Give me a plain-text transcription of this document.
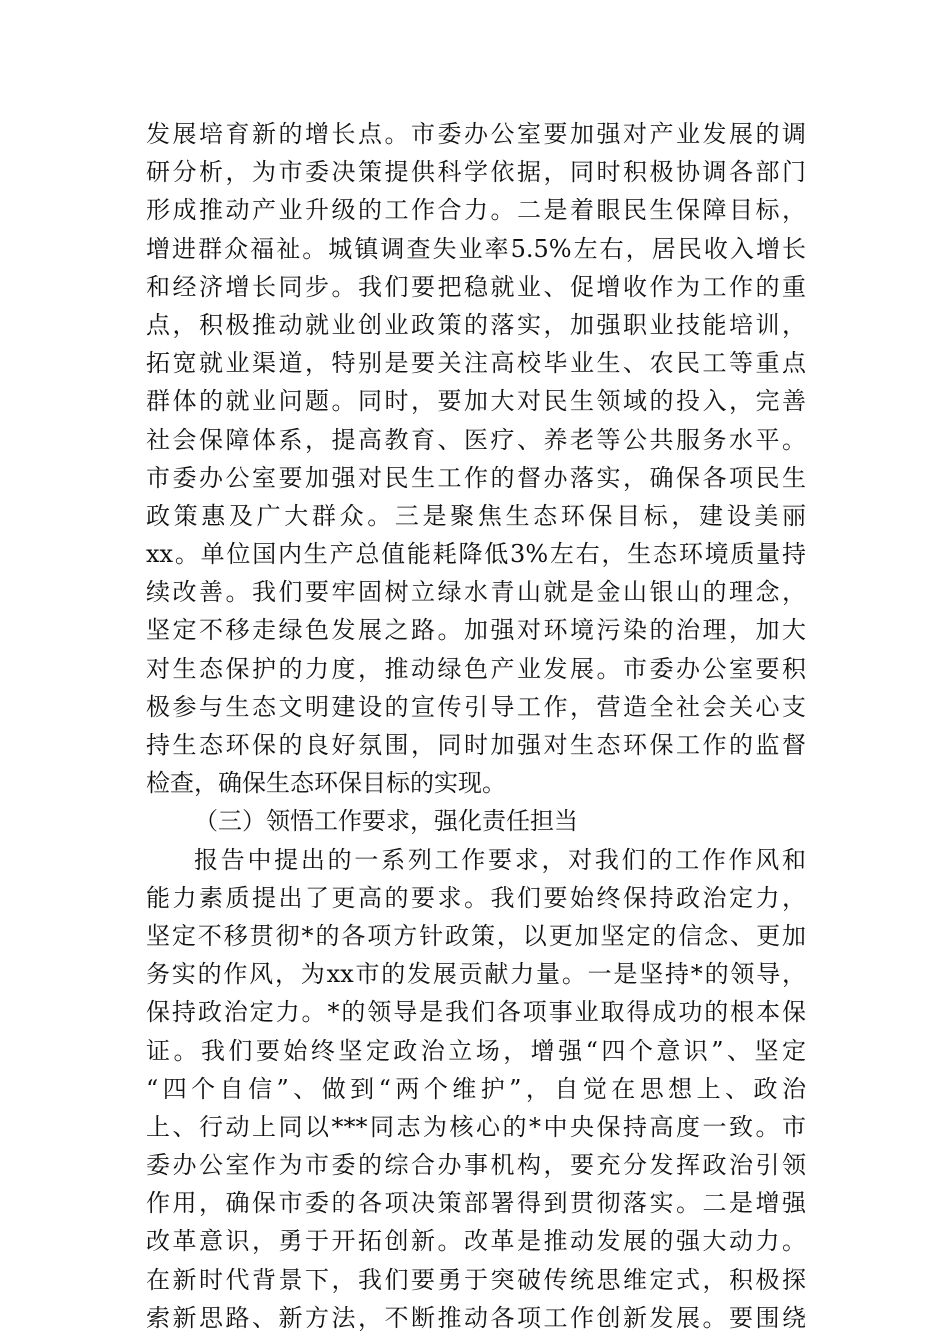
发展培育新的增长点。市委办公室要加强对产业发展的调
研分析，为市委决策提供科学依据，同时积极协调各部门
形成推动产业升级的工作合力。二是着眼民生保障目标，
增进群众福祉。城镇调查失业率5.5%左右，居民收入增长
和经济增长同步。我们要把稳就业、促增收作为工作的重
点，积极推动就业创业政策的落实，加强职业技能培训，
拓宽就业渠道，特别是要关注高校毕业生、农民工等重点
群体的就业问题。同时，要加大对民生领域的投入，完善
社会保障体系，提高教育、医疗、养老等公共服务水平。
市委办公室要加强对民生工作的督办落实，确保各项民生
政策惠及广大群众。三是聚焦生态环保目标，建设美丽
xx。单位国内生产总值能耗降低3%左右，生态环境质量持
续改善。我们要牢固树立绿水青山就是金山银山的理念，
坚定不移走绿色发展之路。加强对环境污染的治理，加大
对生态保护的力度，推动绿色产业发展。市委办公室要积
极参与生态文明建设的宣传引导工作，营造全社会关心支
持生态环保的良好氛围，同时加强对生态环保工作的监督
检查，确保生态环保目标的实现。
（三）领悟工作要求，强化责任担当
报告中提出的一系列工作要求，对我们的工作作风和
能力素质提出了更高的要求。我们要始终保持政治定力，
坚定不移贯彻*的各项方针政策，以更加坚定的信念、更加
务实的作风，为xx市的发展贡献力量。一是坚持*的领导，
保持政治定力。*的领导是我们各项事业取得成功的根本保
证。我们要始终坚定政治立场，增强“四个意识”、坚定
“四个自信”、做到“两个维护”，自觉在思想上、政治
上、行动上同以***同志为核心的*中央保持高度一致。市
委办公室作为市委的综合办事机构，要充分发挥政治引领
作用，确保市委的各项决策部署得到贯彻落实。二是增强
改革意识，勇于开拓创新。改革是推动发展的强大动力。
在新时代背景下，我们要勇于突破传统思维定式，积极探
索新思路、新方法，不断推动各项工作创新发展。要围绕
